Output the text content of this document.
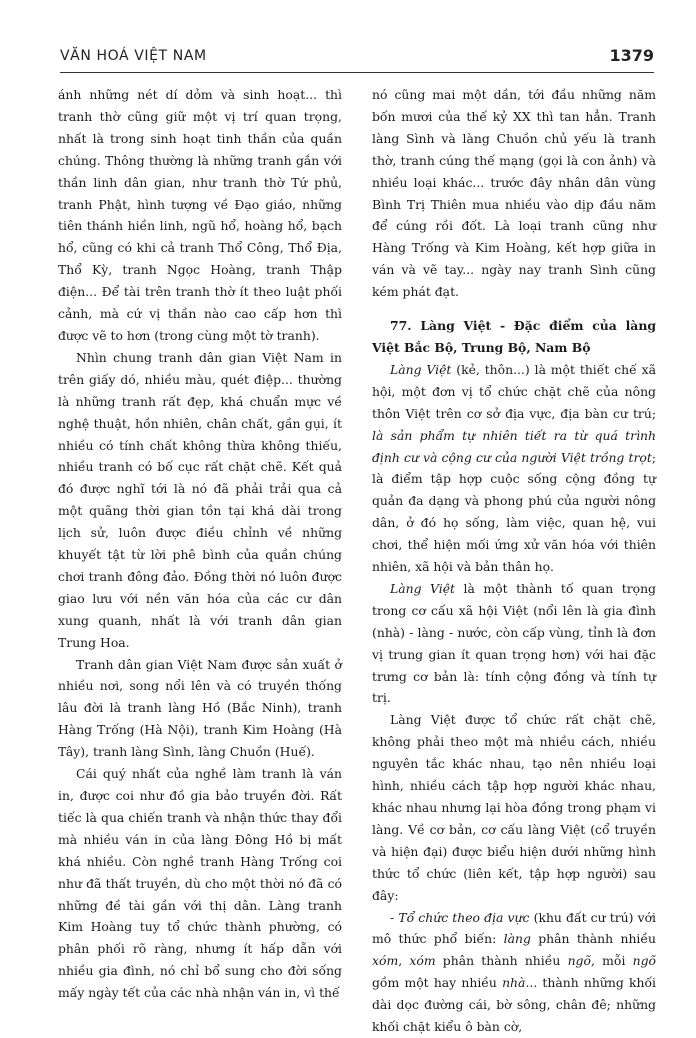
VĂN HOÁ VIỆT NAM	1379

ánh những nét dí dỏm và sinh hoạt... thì tranh thờ cũng giữ một vị trí quan trọng, nhất là trong sinh hoạt tinh thần của quần chúng. Thông thường là những tranh gắn với thần linh dân gian, như tranh thờ Tứ phủ, tranh Phật, hình tượng về Đạo giáo, những tiên thánh hiền linh, ngũ hổ, hoàng hổ, bạch hổ, cũng có khi cả tranh Thổ Công, Thổ Địa, Thổ Kỳ, tranh Ngọc Hoàng, tranh Thập điện... Để tài trên tranh thờ ít theo luật phối cảnh, mà cứ vị thần nào cao cấp hơn thì được vẽ to hơn (trong cùng một tờ tranh).

Nhìn chung tranh dân gian Việt Nam in trên giấy dó, nhiều màu, quét điệp... thường là những tranh rất đẹp, khá chuẩn mực về nghệ thuật, hồn nhiên, chân chất, gần gụi, ít nhiều có tính chất không thừa không thiếu, nhiều tranh có bố cục rất chặt chẽ. Kết quả đó được nghĩ tới là nó đã phải trải qua cả một quãng thời gian tồn tại khá dài trong lịch sử, luôn được điều chỉnh về những khuyết tật từ lời phê bình của quần chúng chơi tranh đông đảo. Đồng thời nó luôn được giao lưu với nền văn hóa của các cư dân xung quanh, nhất là với tranh dân gian Trung Hoa.

Tranh dân gian Việt Nam được sản xuất ở nhiều nơi, song nổi lên và có truyền thống lâu đời là tranh làng Hồ (Bắc Ninh), tranh Hàng Trống (Hà Nội), tranh Kim Hoàng (Hà Tây), tranh làng Sình, làng Chuồn (Huế).

Cái quý nhất của nghề làm tranh là ván in, được coi như đồ gia bảo truyền đời. Rất tiếc là qua chiến tranh và nhận thức thay đổi mà nhiều ván in của làng Đông Hồ bị mất khá nhiều. Còn nghề tranh Hàng Trống coi như đã thất truyền, dù cho một thời nó đã có những đề tài gần với thị dân. Làng tranh Kim Hoàng tuy tổ chức thành phường, có phân phối rõ ràng, nhưng ít hấp dẫn với nhiều gia đình, nó chỉ bổ sung cho đời sống mấy ngày tết của các nhà nhận ván in, vì thế

nó cũng mai một dần, tới đầu những năm bốn mươi của thế kỷ XX thì tan hẳn. Tranh làng Sình và làng Chuồn chủ yếu là tranh thờ, tranh cúng thế mạng (gọi là con ảnh) và nhiều loại khác... trước đây nhân dân vùng Bình Trị Thiên mua nhiều vào dịp đầu năm để cúng rồi đốt. Là loại tranh cũng như Hàng Trống và Kim Hoàng, kết hợp giữa in ván và vẽ tay... ngày nay tranh Sình cũng kém phát đạt.

77. Làng Việt - Đặc điểm của làng Việt Bắc Bộ, Trung Bộ, Nam Bộ

Làng Việt (kẻ, thôn...) là một thiết chế xã hội, một đơn vị tổ chức chặt chẽ của nông thôn Việt trên cơ sở địa vực, địa bàn cư trú; là sản phẩm tự nhiên tiết ra từ quá trình định cư và cộng cư của người Việt trồng trọt; là điểm tập hợp cuộc sống cộng đồng tự quản đa dạng và phong phú của người nông dân, ở đó họ sống, làm việc, quan hệ, vui chơi, thể hiện mối ứng xử văn hóa với thiên nhiên, xã hội và bản thân họ.

Làng Việt là một thành tố quan trọng trong cơ cấu xã hội Việt (nổi lên là gia đình (nhà) - làng - nước, còn cấp vùng, tỉnh là đơn vị trung gian ít quan trọng hơn) với hai đặc trưng cơ bản là: tính cộng đồng và tính tự trị.

Làng Việt được tổ chức rất chặt chẽ, không phải theo một mà nhiều cách, nhiều nguyên tắc khác nhau, tạo nên nhiều loại hình, nhiều cách tập hợp người khác nhau, khác nhau nhưng lại hòa đồng trong phạm vi làng. Về cơ bản, cơ cấu làng Việt (cổ truyền và hiện đại) được biểu hiện dưới những hình thức tổ chức (liên kết, tập hợp người) sau đây:

- Tổ chức theo địa vực (khu đất cư trú) với mô thức phổ biến: làng phân thành nhiều xóm, xóm phân thành nhiều ngõ, mỗi ngõ gồm một hay nhiều nhà... thành những khối dài dọc đường cái, bờ sông, chân đê; những khối chặt kiểu ô bàn cờ,
